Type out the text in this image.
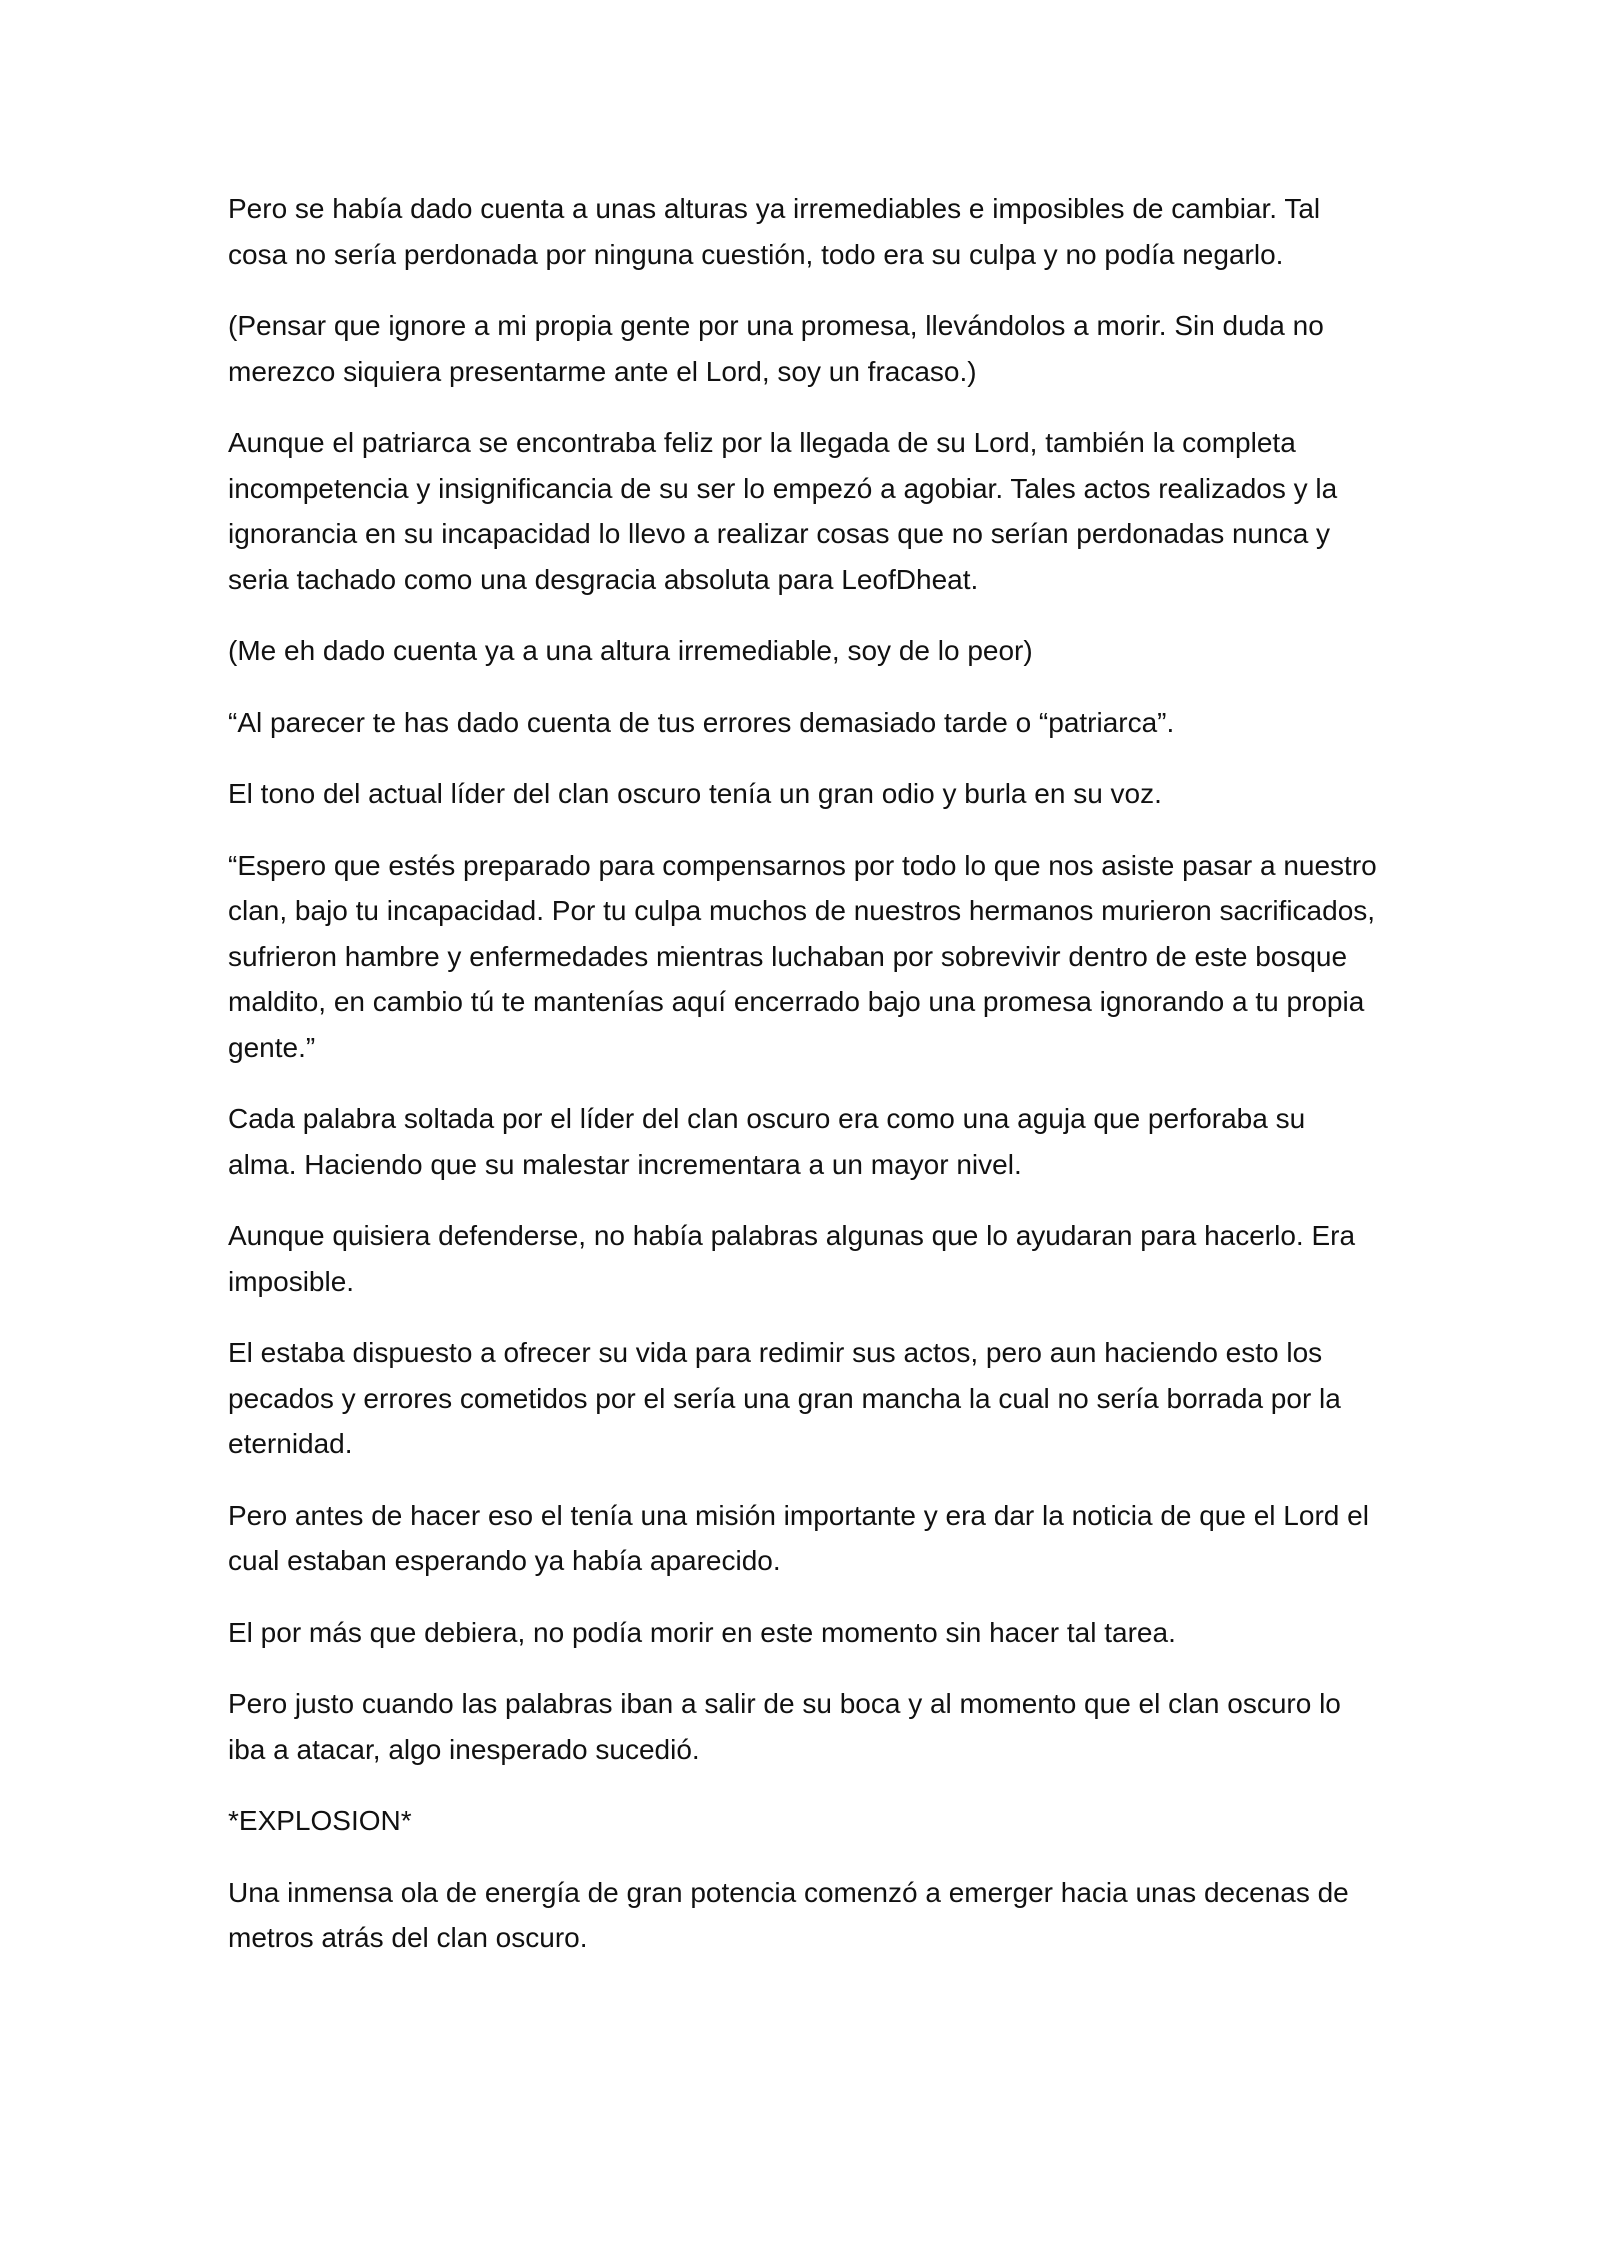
Pero se había dado cuenta a unas alturas ya irremediables e imposibles de cambiar. Tal cosa no sería perdonada por ninguna cuestión, todo era su culpa y no podía negarlo.

(Pensar que ignore a mi propia gente por una promesa, llevándolos a morir. Sin duda no merezco siquiera presentarme ante el Lord, soy un fracaso.)

Aunque el patriarca se encontraba feliz por la llegada de su Lord, también la completa incompetencia y insignificancia de su ser lo empezó a agobiar. Tales actos realizados y la ignorancia en su incapacidad lo llevo a realizar cosas que no serían perdonadas nunca y seria tachado como una desgracia absoluta para LeofDheat.

(Me eh dado cuenta ya a una altura irremediable, soy de lo peor)

“Al parecer te has dado cuenta de tus errores demasiado tarde o “patriarca”.

El tono del actual líder del clan oscuro tenía un gran odio y burla en su voz.

“Espero que estés preparado para compensarnos por todo lo que nos asiste pasar a nuestro clan, bajo tu incapacidad. Por tu culpa muchos de nuestros hermanos murieron sacrificados, sufrieron hambre y enfermedades mientras luchaban por sobrevivir dentro de este bosque maldito, en cambio tú te manteníaѕ aquí encerrado bajo una promesa ignorando a tu propia gente.”

Cada palabra soltada por el líder del clan oscuro era como una aguja que perforaba su alma. Haciendo que su malestar incrementara a un mayor nivel.

Aunque quisiera defenderse, no había palabras algunas que lo ayudaran para hacerlo. Era imposible.

El estaba dispuesto a ofrecer su vida para redimir sus actos, pero aun haciendo esto los pecados y errores cometidos por el sería una gran mancha la cual no sería borrada por la eternidad.

Pero antes de hacer eso el tenía una misión importante y era dar la noticia de que el Lord el cual estaban esperando ya había aparecido.

El por más que debiera, no podía morir en este momento sin hacer tal tarea.

Pero justo cuando las palabras iban a salir de su boca y al momento que el clan oscuro lo iba a atacar, algo inesperado sucedió.

*EXPLOSION*

Una inmensa ola de energía de gran potencia comenzó a emerger hacia unas decenas de metros atrás del clan oscuro.
